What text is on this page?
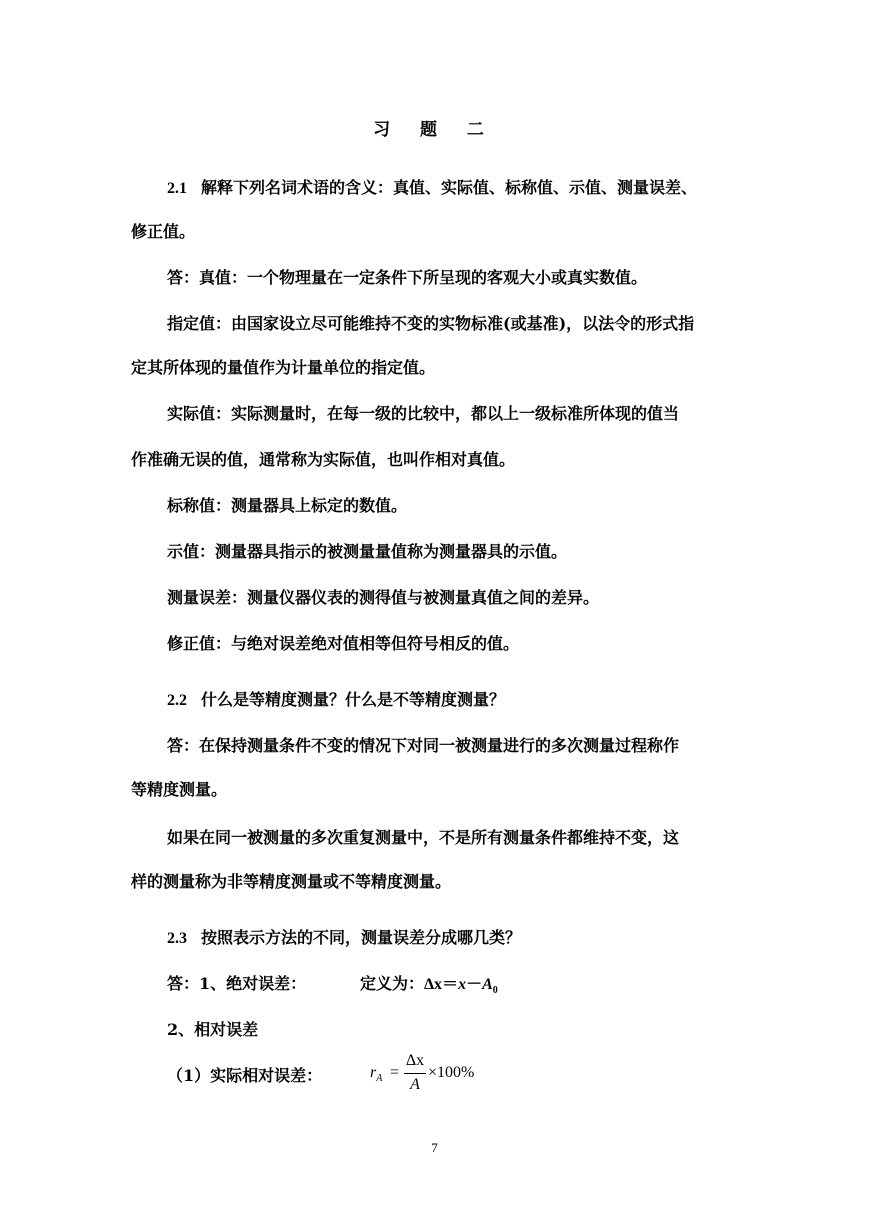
习 题 二
2.1 解释下列名词术语的含义：真值、实际值、标称值、示值、测量误差、
修正值。
答：真值：一个物理量在一定条件下所呈现的客观大小或真实数值。
指定值：由国家设立尽可能维持不变的实物标准(或基准)，以法令的形式指
定其所体现的量值作为计量单位的指定值。
实际值：实际测量时，在每一级的比较中，都以上一级标准所体现的值当
作准确无误的值，通常称为实际值，也叫作相对真值。
标称值：测量器具上标定的数值。
示值：测量器具指示的被测量量值称为测量器具的示值。
测量误差：测量仪器仪表的测得值与被测量真值之间的差异。
修正值：与绝对误差绝对值相等但符号相反的值。
2.2 什么是等精度测量？什么是不等精度测量？
答：在保持测量条件不变的情况下对同一被测量进行的多次测量过程称作
等精度测量。
如果在同一被测量的多次重复测量中，不是所有测量条件都维持不变，这
样的测量称为非等精度测量或不等精度测量。
2.3 按照表示方法的不同，测量误差分成哪几类？
答：1、绝对误差：	定义为：$\Delta x=x-A_0$
2、相对误差
（1）实际相对误差：	$r_A$ =
Δx
A
×100%
7
